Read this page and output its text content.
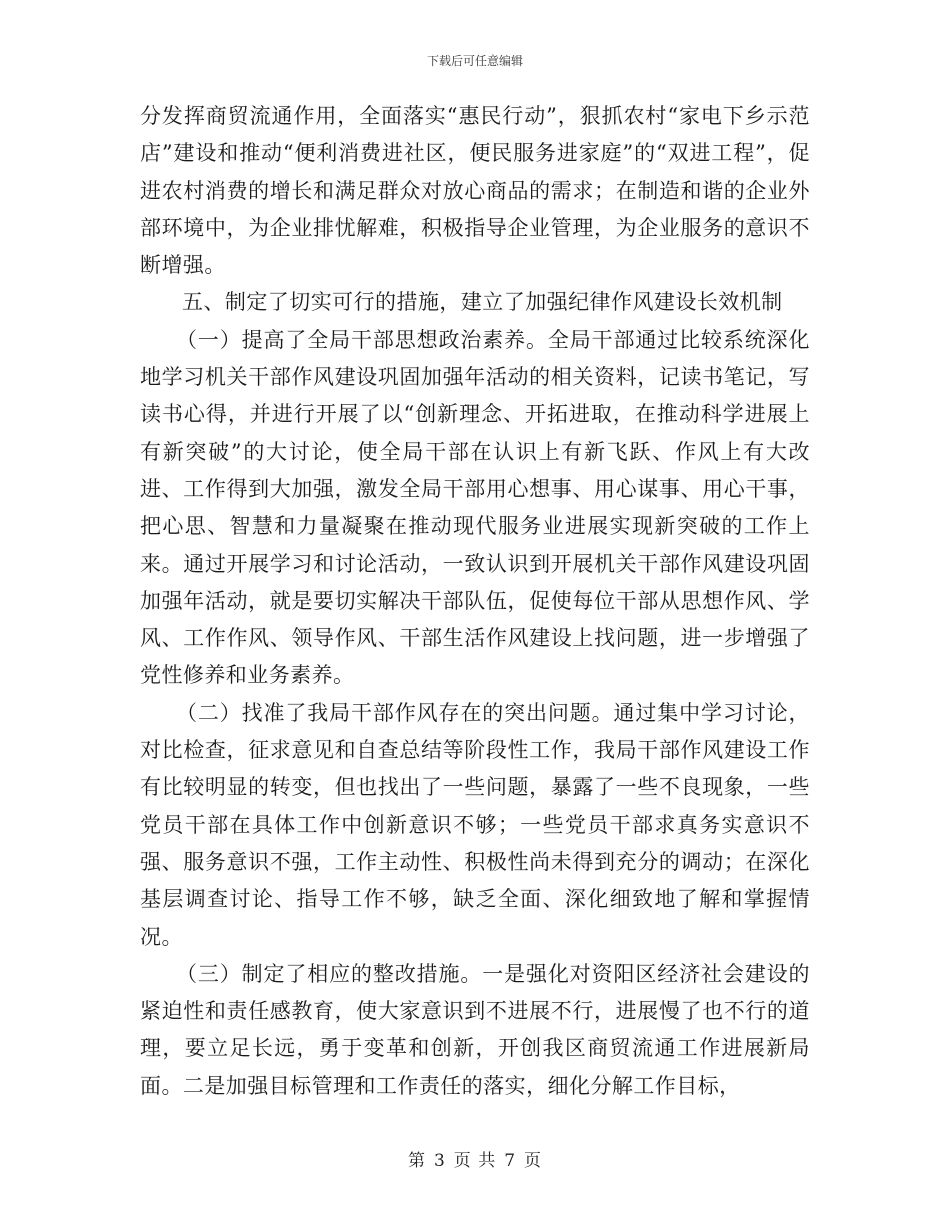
下载后可任意编辑

分发挥商贸流通作用，全面落实“惠民行动”，狠抓农村“家电下乡示范店”建设和推动“便利消费进社区，便民服务进家庭”的“双进工程”，促进农村消费的增长和满足群众对放心商品的需求；在制造和谐的企业外部环境中，为企业排忧解难，积极指导企业管理，为企业服务的意识不断增强。

五、制定了切实可行的措施，建立了加强纪律作风建设长效机制

（一）提高了全局干部思想政治素养。全局干部通过比较系统深化地学习机关干部作风建设巩固加强年活动的相关资料，记读书笔记，写读书心得，并进行开展了以“创新理念、开拓进取，在推动科学进展上有新突破”的大讨论，使全局干部在认识上有新飞跃、作风上有大改进、工作得到大加强，激发全局干部用心想事、用心谋事、用心干事，把心思、智慧和力量凝聚在推动现代服务业进展实现新突破的工作上来。通过开展学习和讨论活动，一致认识到开展机关干部作风建设巩固加强年活动，就是要切实解决干部队伍，促使每位干部从思想作风、学风、工作作风、领导作风、干部生活作风建设上找问题，进一步增强了党性修养和业务素养。

（二）找准了我局干部作风存在的突出问题。通过集中学习讨论，对比检查，征求意见和自查总结等阶段性工作，我局干部作风建设工作有比较明显的转变，但也找出了一些问题，暴露了一些不良现象，一些党员干部在具体工作中创新意识不够；一些党员干部求真务实意识不强、服务意识不强，工作主动性、积极性尚未得到充分的调动；在深化基层调查讨论、指导工作不够，缺乏全面、深化细致地了解和掌握情况。

（三）制定了相应的整改措施。一是强化对资阳区经济社会建设的紧迫性和责任感教育，使大家意识到不进展不行，进展慢了也不行的道理，要立足长远，勇于变革和创新，开创我区商贸流通工作进展新局面。二是加强目标管理和工作责任的落实，细化分解工作目标，

第 3 页 共 7 页
